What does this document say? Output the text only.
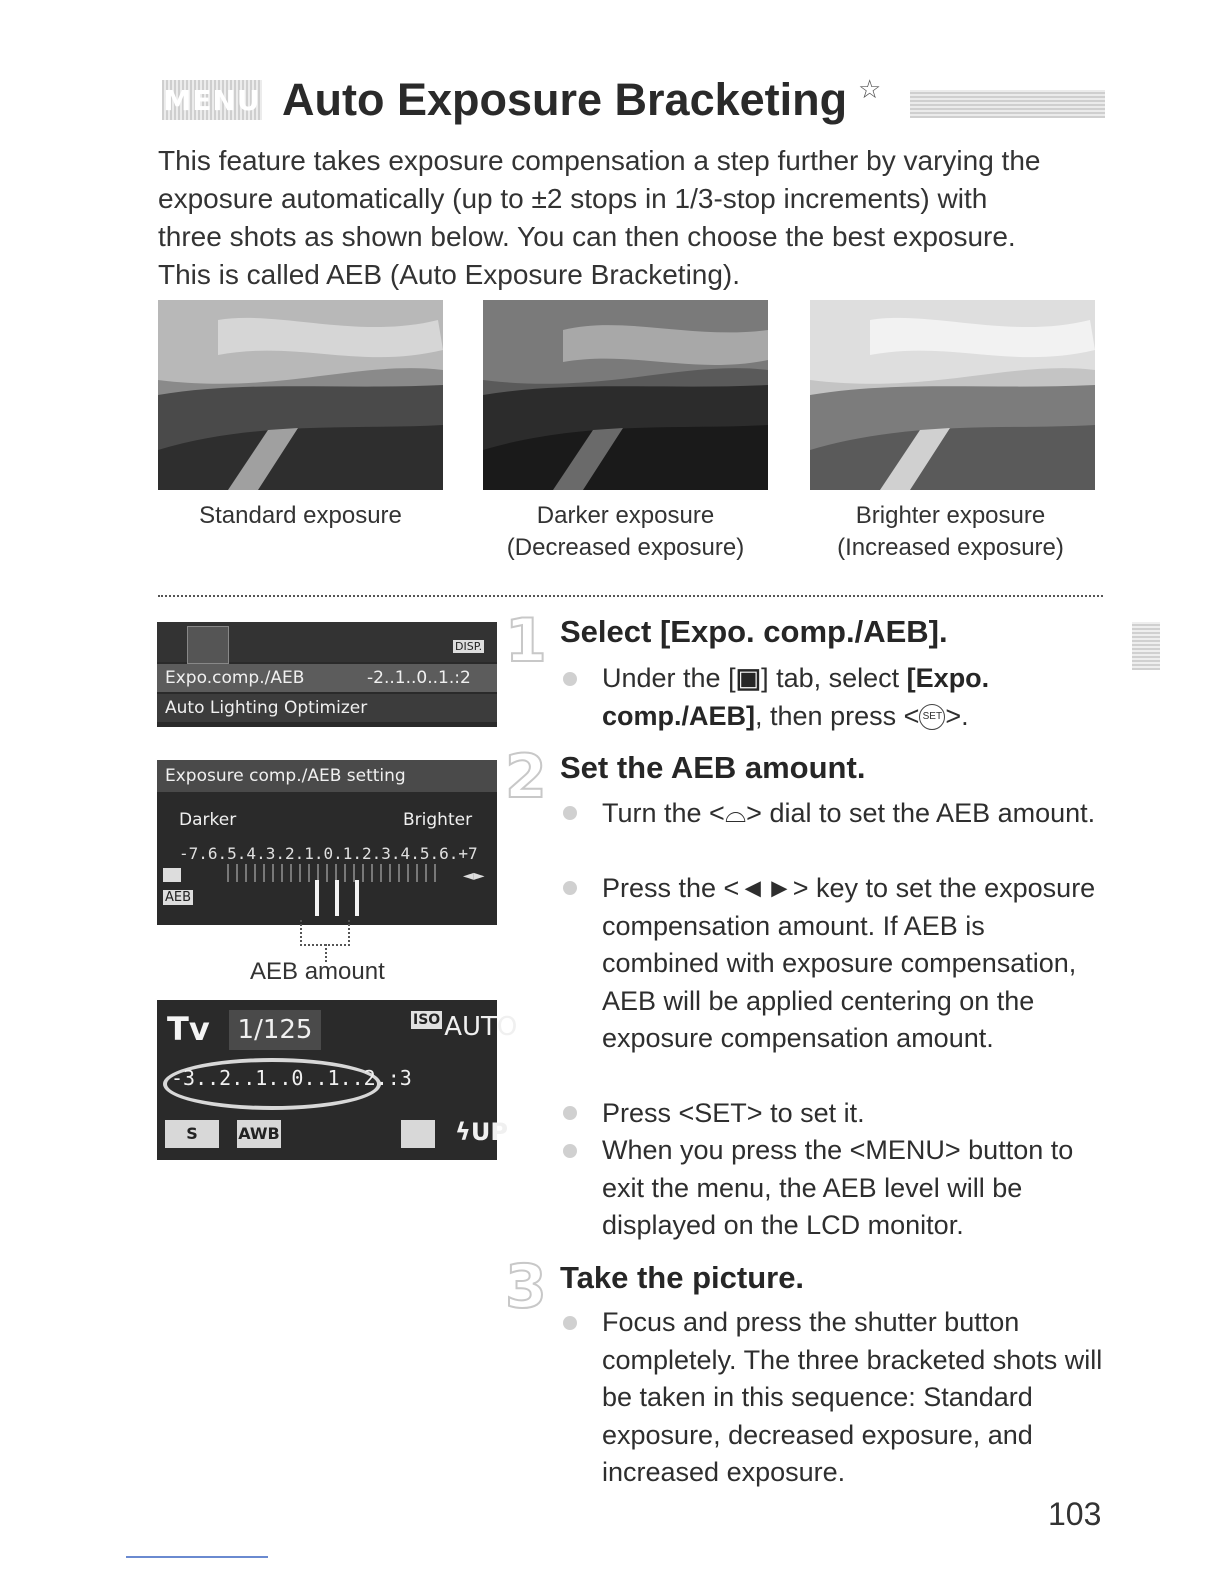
MENU Auto Exposure Bracketing ☆

This feature takes exposure compensation a step further by varying the

exposure automatically (up to ±2 stops in 1/3-stop increments) with

three shots as shown below. You can then choose the best exposure.

This is called AEB (Auto Exposure Bracketing).

Standard exposure	Darker exposure
(Decreased exposure)
Brighter exposure
(Increased exposure)
DISP.
Expo.comp./AEB	-2..1..0..1.:2
Auto Lighting Optimizer
Exposure comp./AEB setting
Darker	Brighter
-7.6.5.4.3.2.1.0.1.2.3.4.5.6.+7
AEB
◄►
AEB amount
Tv	1/125	$^{ISO}$ AUTO
-3..2..1..0..1..2.:3
S	AWB	ϟUP
1 Select [Expo. comp./AEB].
Under the [▣] tab, select [Expo. comp./AEB], then press < SET >.
2 Set the AEB amount.
Turn the <⌓> dial to set the AEB amount.
Press the <◄►> key to set the exposure compensation amount. If AEB is combined with exposure compensation, AEB will be applied centering on the exposure compensation amount.
Press <SET> to set it.
When you press the <MENU> button to exit the menu, the AEB level will be displayed on the LCD monitor.
3 Take the picture.
Focus and press the shutter button completely. The three bracketed shots will be taken in this sequence: Standard exposure, decreased exposure, and increased exposure.
103
